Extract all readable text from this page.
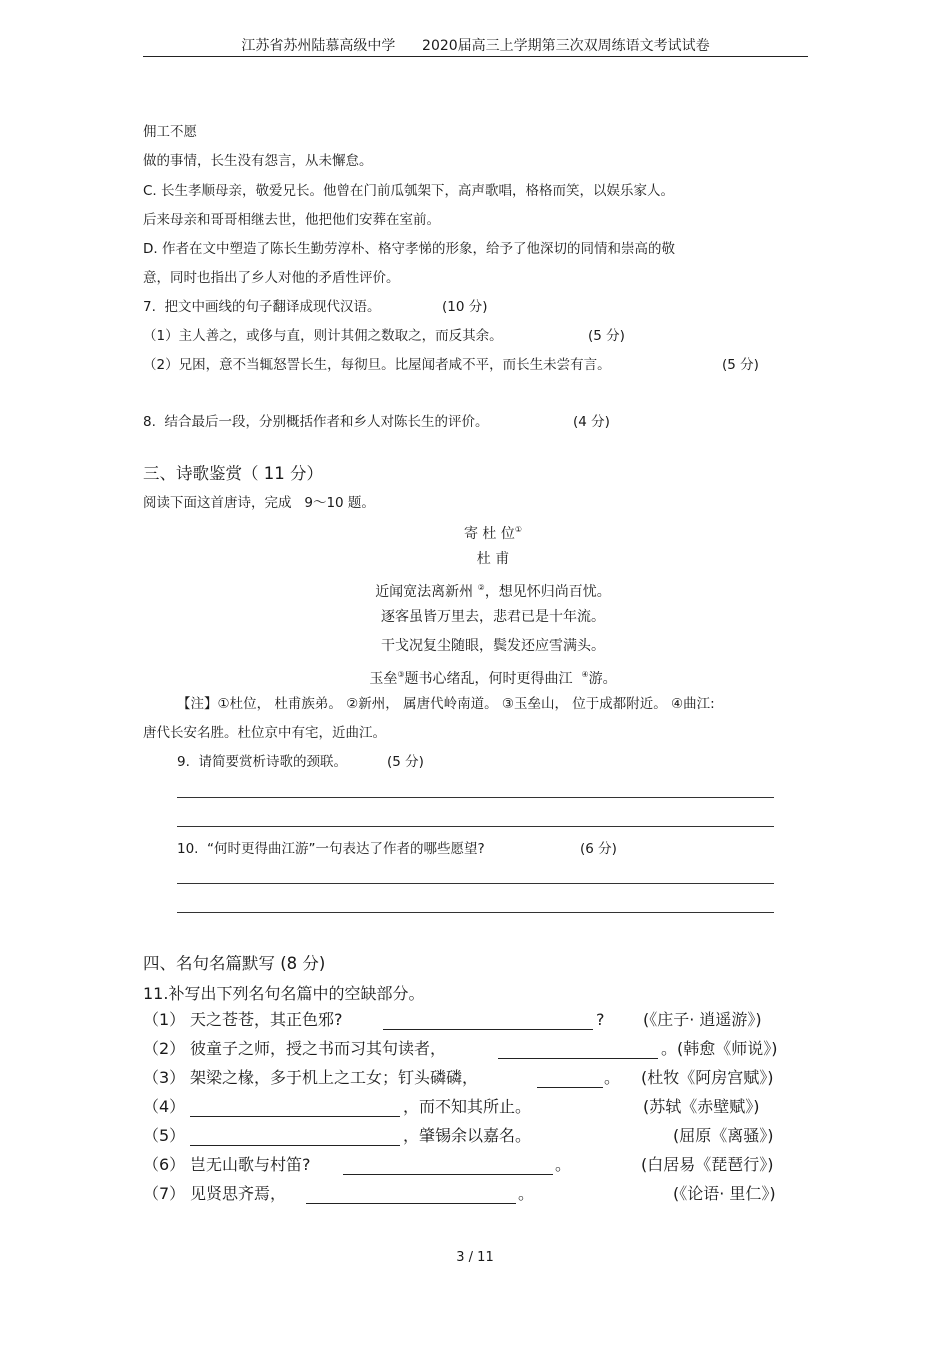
江苏省苏州陆慕高级中学 2020届高三上学期第三次双周练语文考试试卷
佣工不愿
做的事情，长生没有怨言，从未懈怠。
C. 长生孝顺母亲，敬爱兄长。他曾在门前瓜瓠架下，高声歌唱，格格而笑，以娱乐家人。
后来母亲和哥哥相继去世，他把他们安葬在室前。
D. 作者在文中塑造了陈长生勤劳淳朴、格守孝悌的形象，给予了他深切的同情和崇高的敬
意，同时也指出了乡人对他的矛盾性评价。
7.  把文中画线的句子翻译成现代汉语。	(10 分)
（1）主人善之，或侈与直，则计其佣之数取之，而反其余。	(5 分)
（2）兄困，意不当辄怒詈长生，每彻旦。比屋闻者咸不平，而长生未尝有言。	(5 分)
8.  结合最后一段，分别概括作者和乡人对陈长生的评价。	(4 分)
三、诗歌鉴赏（ 11 分）
阅读下面这首唐诗，完成   9～10 题。
寄 杜 位①
杜 甫
近闻宽法离新州 ②，想见怀归尚百忧。
逐客虽皆万里去，悲君已是十年流。
干戈况复尘随眼，鬓发还应雪满头。
玉垒③题书心绪乱，何时更得曲江 ④游。
【注】①杜位， 杜甫族弟。 ②新州， 属唐代岭南道。 ③玉垒山， 位于成都附近。 ④曲江:
唐代长安名胜。杜位京中有宅，近曲江。
9.  请简要赏析诗歌的颈联。	(5 分)
10.  “何时更得曲江游”一句表达了作者的哪些愿望?	(6 分)
四、名句名篇默写 (8 分)
11.补写出下列名句名篇中的空缺部分。
（1） 天之苍苍，其正色邪?	? (《庄子· 逍遥游》)
（2） 彼童子之师，授之书而习其句读者，	。 (韩愈《师说》)
（3） 架梁之椽，多于机上之工女；钉头磷磷，	。 (杜牧《阿房宫赋》)
（4）	，而不知其所止。	(苏轼《赤壁赋》)
（5）	，肇锡余以嘉名。	(屈原《离骚》)
（6） 岂无山歌与村笛?	。	(白居易《琵琶行》)
（7） 见贤思齐焉，	。	(《论语· 里仁》)
3 / 11
